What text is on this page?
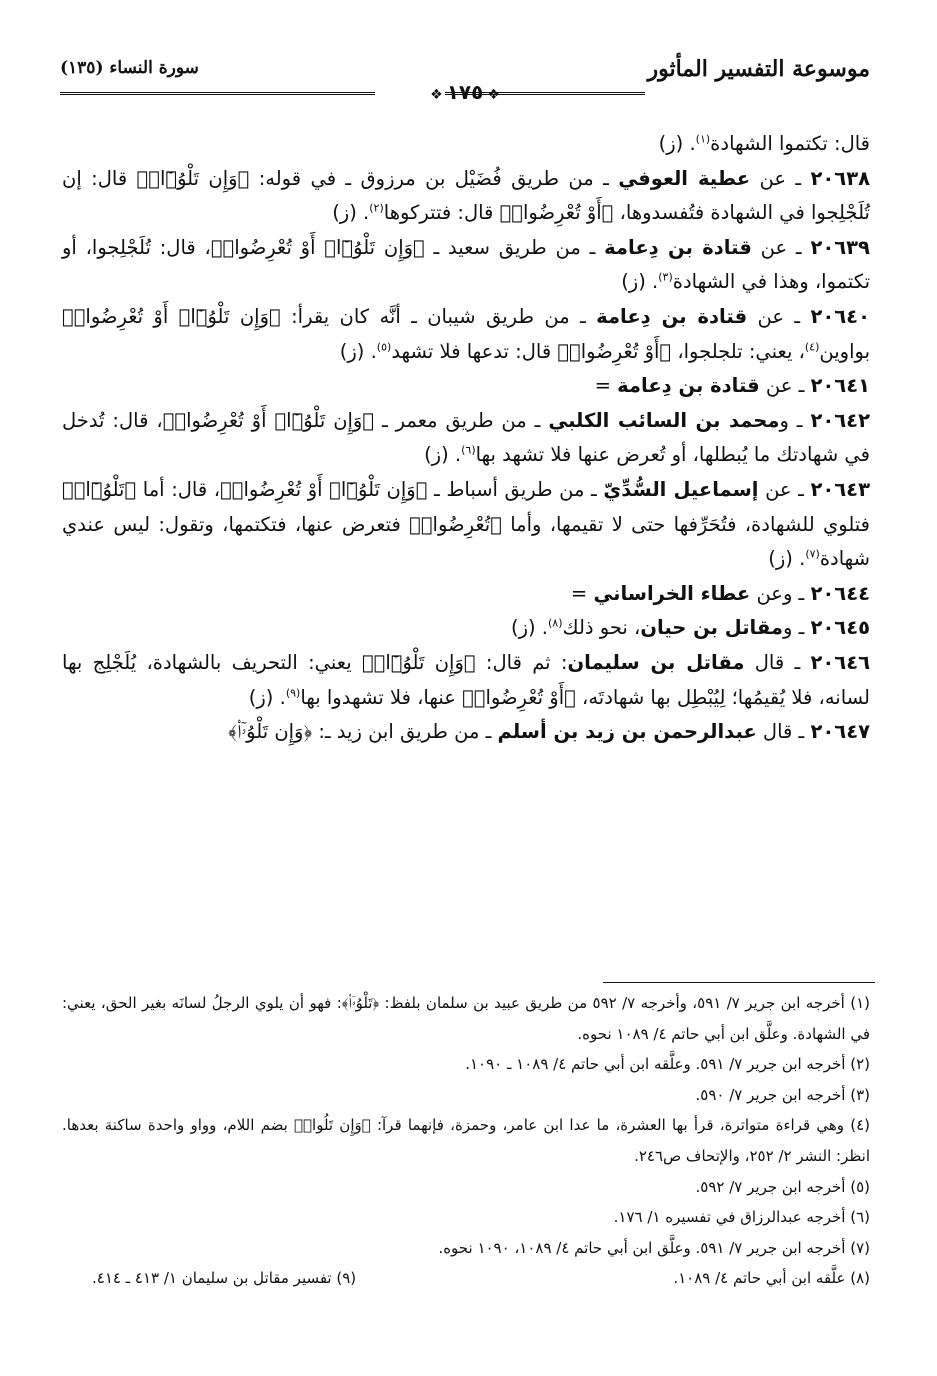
موسوعة التفسير المأثور
❖١٧٥❖
سورة النساء (١٣٥)

قال: تكتموا الشهادة$^{(١)}$. (ز)

٢٠٦٣٨ ـ عن عطية العوفي ـ من طريق فُضَيْل بن مرزوق ـ في قوله: ﴿وَإِن تَلْوُۥٓا۟﴾ قال: إن تُلَجْلِجوا في الشهادة فتُفسدوها، ﴿أَوْ تُعْرِضُوا۟﴾ قال: فتتركوها$^{(٢)}$. (ز)

٢٠٦٣٩ ـ عن قتادة بن دِعامة ـ من طريق سعيد ـ ﴿وَإِن تَلْوُۥٓا۟ أَوْ تُعْرِضُوا۟﴾، قال: تُلَجْلِجوا، أو تكتموا، وهذا في الشهادة$^{(٣)}$. (ز)

٢٠٦٤٠ ـ عن قتادة بن دِعامة ـ من طريق شيبان ـ أنَّه كان يقرأ: ﴿وَإِن تَلْوُۥٓا۟ أَوْ تُعْرِضُوا۟﴾ بواوين$^{(٤)}$، يعني: تلجلجوا، ﴿أَوْ تُعْرِضُوا۟﴾ قال: تدعها فلا تشهد$^{(٥)}$. (ز)

٢٠٦٤١ ـ عن قتادة بن دِعامة =

٢٠٦٤٢ ـ ومحمد بن السائب الكلبي ـ من طريق معمر ـ ﴿وَإِن تَلْوُۥٓا۟ أَوْ تُعْرِضُوا۟﴾، قال: تُدخل في شهادتك ما يُبطلها، أو تُعرض عنها فلا تشهد بها$^{(٦)}$. (ز)

٢٠٦٤٣ ـ عن إسماعيل السُّدِّيّ ـ من طريق أسباط ـ ﴿وَإِن تَلْوُۥٓا۟ أَوْ تُعْرِضُوا۟﴾، قال: أما ﴿تَلْوُۥٓا۟﴾ فتلوي للشهادة، فتُحَرِّفها حتى لا تقيمها، وأما ﴿تُعْرِضُوا۟﴾ فتعرض عنها، فتكتمها، وتقول: ليس عندي شهادة$^{(٧)}$. (ز)

٢٠٦٤٤ ـ وعن عطاء الخراساني =

٢٠٦٤٥ ـ ومقاتل بن حيان، نحو ذلك$^{(٨)}$. (ز)

٢٠٦٤٦ ـ قال مقاتل بن سليمان: ثم قال: ﴿وَإِن تَلْوُۥٓا۟﴾ يعني: التحريف بالشهادة، يُلَجْلِج بها لسانه، فلا يُقيمُها؛ لِيُبْطِل بها شهادتَه، ﴿أَوْ تُعْرِضُوا۟﴾ عنها، فلا تشهدوا بها$^{(٩)}$. (ز)

٢٠٦٤٧ ـ قال عبدالرحمن بن زيد بن أسلم ـ من طريق ابن زيد ـ: ﴿وَإِن تَلْوُۥٓا۟﴾

(١) أخرجه ابن جرير ٧/ ٥٩١، وأخرجه ٧/ ٥٩٢ من طريق عبيد بن سلمان بلفظ: ﴿تَلْوُۥٓا۟﴾: فهو أن يلوي الرجلُ لسانَه بغير الحق، يعني: في الشهادة. وعلَّق ابن أبي حاتم ٤/ ١٠٨٩ نحوه.

(٢) أخرجه ابن جرير ٧/ ٥٩١. وعلَّقه ابن أبي حاتم ٤/ ١٠٨٩ ـ ١٠٩٠.

(٣) أخرجه ابن جرير ٧/ ٥٩٠.

(٤) وهي قراءة متواترة، قرأ بها العشرة، ما عدا ابن عامر، وحمزة، فإنهما قرآ: ﴿وَإِن تَلُوا۟﴾ بضم اللام، وواو واحدة ساكنة بعدها. انظر: النشر ٢/ ٢٥٢، والإتحاف ص٢٤٦.

(٥) أخرجه ابن جرير ٧/ ٥٩٢.

(٦) أخرجه عبدالرزاق في تفسيره ١/ ١٧٦.

(٧) أخرجه ابن جرير ٧/ ٥٩١. وعلَّق ابن أبي حاتم ٤/ ١٠٨٩، ١٠٩٠ نحوه.

(٨) علَّقه ابن أبي حاتم ٤/ ١٠٨٩.
(٩) تفسير مقاتل بن سليمان ١/ ٤١٣ ـ ٤١٤.
